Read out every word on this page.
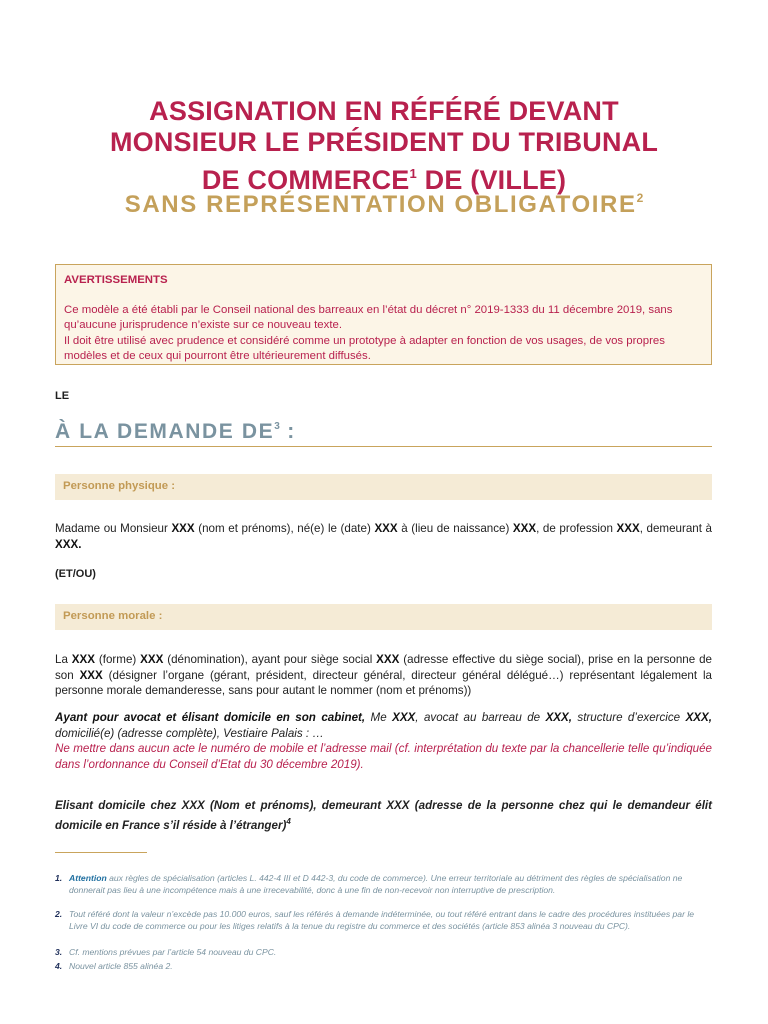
ASSIGNATION EN RÉFÉRÉ DEVANT
MONSIEUR LE PRÉSIDENT DU TRIBUNAL
DE COMMERCE$^1$ DE (VILLE)
SANS REPRÉSENTATION OBLIGATOIRE$^2$
AVERTISSEMENTS
Ce modèle a été établi par le Conseil national des barreaux en l’état du décret n° 2019-1333 du 11 décembre 2019, sans qu’aucune jurisprudence n’existe sur ce nouveau texte.
Il doit être utilisé avec prudence et considéré comme un prototype à adapter en fonction de vos usages, de vos propres modèles et de ceux qui pourront être ultérieurement diffusés.
LE
À LA DEMANDE $DE^3$ :
Personne physique :
Madame ou Monsieur XXX (nom et prénoms), né(e) le (date) XXX à (lieu de naissance) XXX, de profession XXX, demeurant à XXX.
(ET/OU)
Personne morale :
La XXX (forme) XXX (dénomination), ayant pour siège social XXX (adresse effective du siège social), prise en la personne de son XXX (désigner l’organe (gérant, président, directeur général, directeur général délégué…) représentant légalement la personne morale demanderesse, sans pour autant le nommer (nom et prénoms))
Ayant pour avocat et élisant domicile en son cabinet, Me XXX, avocat au barreau de XXX, structure d’exercice XXX, domicilié(e) (adresse complète), Vestiaire Palais : …
Ne mettre dans aucun acte le numéro de mobile et l’adresse mail (cf. interprétation du texte par la chancellerie telle qu’indiquée dans l’ordonnance du Conseil d’Etat du 30 décembre 2019).
Elisant domicile chez XXX (Nom et prénoms), demeurant XXX (adresse de la personne chez qui le demandeur élit domicile en France s’il réside à l’étranger)$^4$
1. Attention aux règles de spécialisation (articles L. 442-4 III et D 442-3, du code de commerce). Une erreur territoriale au détriment des règles de spécialisation ne donnerait pas lieu à une incompétence mais à une irrecevabilité, donc à une fin de non-recevoir non interruptive de prescription.
2. Tout référé dont la valeur n’excède pas 10.000 euros, sauf les référés à demande indéterminée, ou tout référé entrant dans le cadre des procédures instituées par le Livre VI du code de commerce ou pour les litiges relatifs à la tenue du registre du commerce et des sociétés (article 853 alinéa 3 nouveau du CPC).
3. Cf. mentions prévues par l’article 54 nouveau du CPC.
4. Nouvel article 855 alinéa 2.
